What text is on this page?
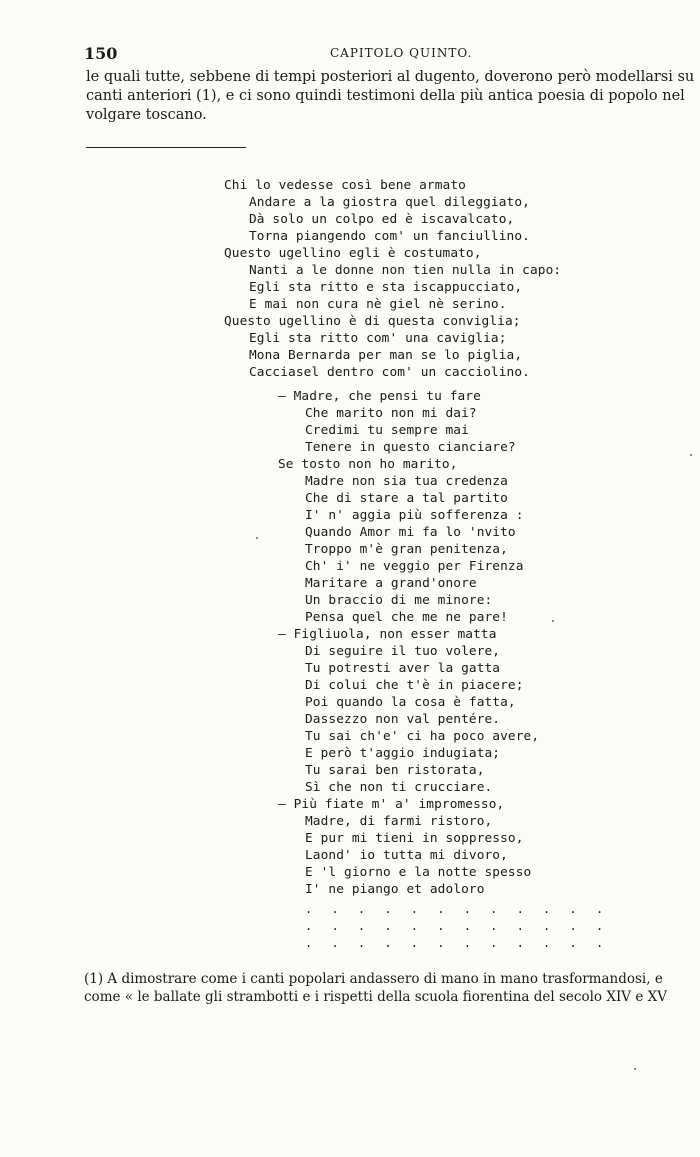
150	CAPITOLO QUINTO.
le quali tutte, sebbene di tempi posteriori al dugento, doverono però modellarsi su
canti anteriori (1), e ci sono quindi testimoni della più antica poesia di popolo nel
volgare toscano.
Chi lo vedesse così bene armato
Andare a la giostra quel dileggiato,
Dà solo un colpo ed è iscavalcato,
Torna piangendo com' un fanciullino.
Questo ugellino egli è costumato,
Nanti a le donne non tien nulla in capo:
Egli sta ritto e sta iscappucciato,
E mai non cura nè giel nè serino.
Questo ugellino è di questa conviglia;
Egli sta ritto com' una caviglia;
Mona Bernarda per man se lo piglia,
Cacciasel dentro com' un cacciolino.
— Madre, che pensi tu fare
Che marito non mi dai?
Credimi tu sempre mai
Tenere in questo cianciare?
Se tosto non ho marito,
Madre non sia tua credenza
Che di stare a tal partito
I' n' aggia più sofferenza :
Quando Amor mi fa lo 'nvito
Troppo m'è gran penitenza,
Ch' i' ne veggio per Firenza
Maritare a grand'onore
Un braccio di me minore:
Pensa quel che me ne pare!
— Figliuola, non esser matta
Di seguire il tuo volere,
Tu potresti aver la gatta
Di colui che t'è in piacere;
Poi quando la cosa è fatta,
Dassezzo non val pentére.
Tu sai ch'e' ci ha poco avere,
E però t'aggio indugiata;
Tu sarai ben ristorata,
Sì che non ti crucciare.
— Più fiate m' a' impromesso,
Madre, di farmi ristoro,
E pur mi tieni in soppresso,
Laond' io tutta mi divoro,
E 'l giorno e la notte spesso
I' ne piango et adoloro
. . . . . . . . . . . .
. . . . . . . . . . . .
. . . . . . . . . . . .
(1) A dimostrare come i canti popolari andassero di mano in mano trasformandosi, e
come « le ballate gli strambotti e i rispetti della scuola fiorentina del secolo XIV e XV
